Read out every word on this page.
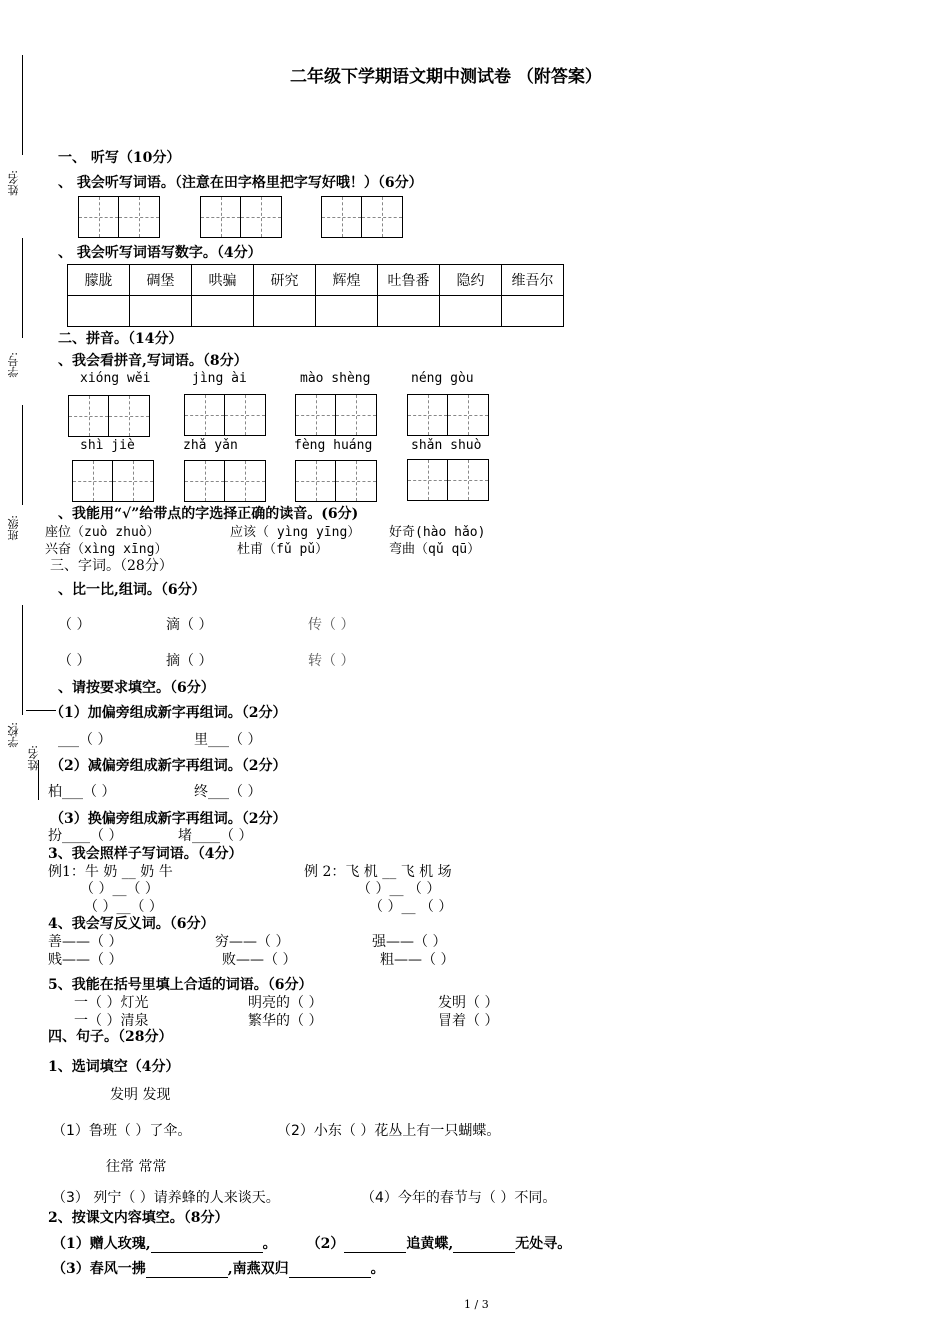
姓名:
学号:
班级:
学校:
姓名:
二年级下学期语文期中测试卷 （附答案）
一、 听写（10分）
、 我会听写词语。（注意在田字格里把字写好哦！）（6分）
、 我会听写词语写数字。（4分）
朦胧	碉堡	哄骗	研究	辉煌	吐鲁番	隐约	维吾尔

二、拼音。（14分）
、我会看拼音,写词语。（8分）
xióng wěi	jìng ài	mào shèng	néng gòu
shì jiè	zhǎ yǎn	fèng huáng	shǎn shuò
、我能用“√”给带点的字选择正确的读音。(6分)
座位（zuò zhuò）	应该（ yìng yīng） 好奇(hào hǎo)
兴奋（xìng xīng）	杜甫（fǔ pǔ）	弯曲（qǔ qū）
三、字词。（28分）
、比一比,组词。（6分）
（ ）	滴（ ）	传（ ）
（ ）	摘（ ）	转（ ）
、请按要求填空。（6分）
（1）加偏旁组成新字再组词。（2分）
___（ ）	里___（ ）
（2）减偏旁组成新字再组词。（2分）
柏___（ ）	终___（ ）
（3）换偏旁组成新字再组词。（2分）
扮____（ ）	堵____（ ）
3、我会照样子写词语。（4分）
例1：牛 奶 __ 奶 牛	例 2：飞 机 __ 飞 机 场
（ ）__（ ）
（ ）__（ ）
（ ）__ （ ）
（ ）__ （ ）
4、我会写反义词。（6分）
善——（ ）	穷——（ ）	强——（ ）
贱——（ ）	败——（ ）	粗——（ ）
5、我能在括号里填上合适的词语。（6分）
一（ ）灯光	明亮的（ ）	发明（ ）
一（ ）清泉	繁华的（ ）	冒着（ ）
四、句子。（28分）
1、选词填空（4分）
发明 发现
（1）鲁班（ ）了伞。	（2）小东（ ）花丛上有一只蝴蝶。
往常 常常
（3） 列宁（ ）请养蜂的人来谈天。	（4）今年的春节与（ ）不同。
2、按课文内容填空。（8分）
（1）赠人玫瑰,	。 （2）	追黄蝶,	无处寻。
（3）春风一拂	,南燕双归	。
1 / 3
